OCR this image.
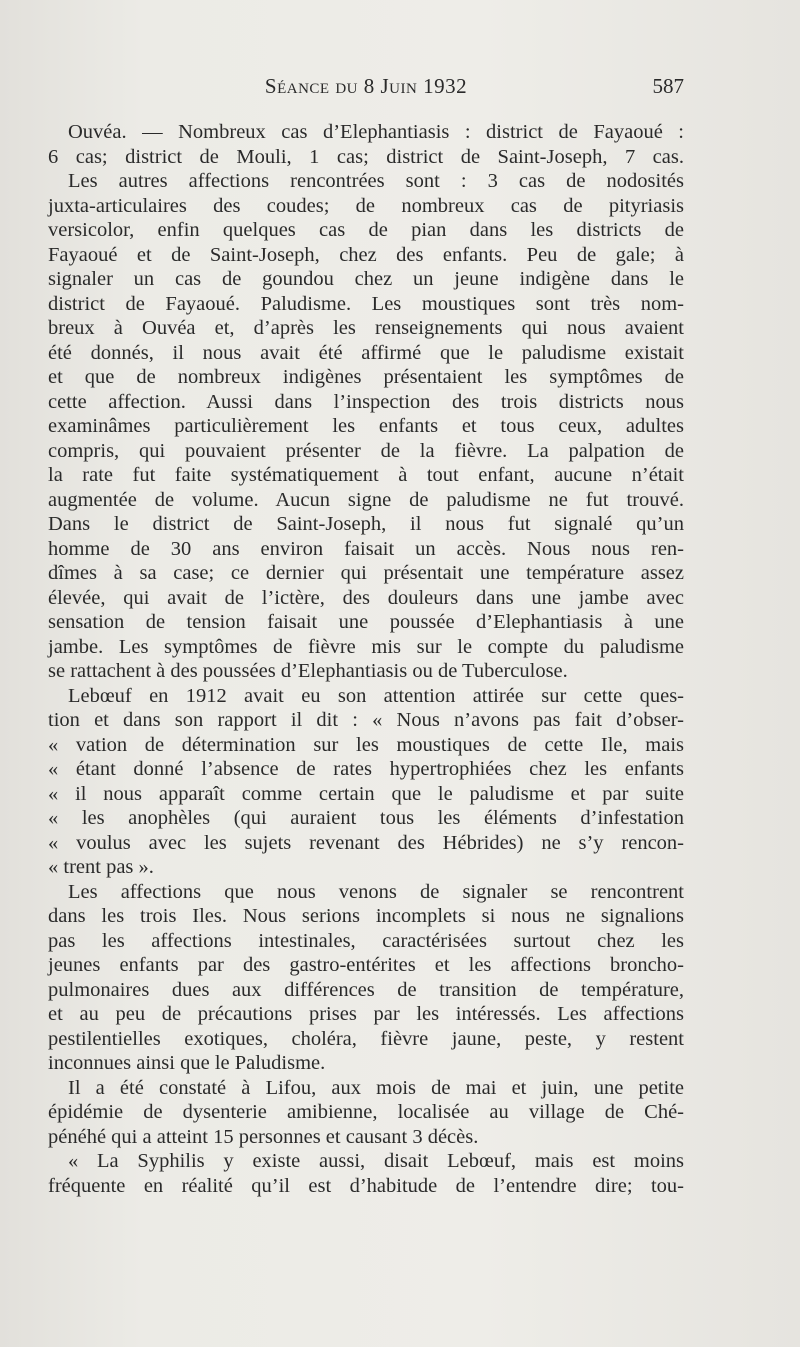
Séance du 8 Juin 1932	587
Ouvéa. — Nombreux cas d’Elephantiasis : district de Fayaoué :
6 cas; district de Mouli, 1 cas; district de Saint-Joseph, 7 cas.
Les autres affections rencontrées sont : 3 cas de nodosités
juxta-articulaires des coudes; de nombreux cas de pityriasis
versicolor, enfin quelques cas de pian dans les districts de
Fayaoué et de Saint-Joseph, chez des enfants. Peu de gale; à
signaler un cas de goundou chez un jeune indigène dans le
district de Fayaoué. Paludisme. Les moustiques sont très nom-
breux à Ouvéa et, d’après les renseignements qui nous avaient
été donnés, il nous avait été affirmé que le paludisme existait
et que de nombreux indigènes présentaient les symptômes de
cette affection. Aussi dans l’inspection des trois districts nous
examinâmes particulièrement les enfants et tous ceux, adultes
compris, qui pouvaient présenter de la fièvre. La palpation de
la rate fut faite systématiquement à tout enfant, aucune n’était
augmentée de volume. Aucun signe de paludisme ne fut trouvé.
Dans le district de Saint-Joseph, il nous fut signalé qu’un
homme de 30 ans environ faisait un accès. Nous nous ren-
dîmes à sa case; ce dernier qui présentait une température assez
élevée, qui avait de l’ictère, des douleurs dans une jambe avec
sensation de tension faisait une poussée d’Elephantiasis à une
jambe. Les symptômes de fièvre mis sur le compte du paludisme
se rattachent à des poussées d’Elephantiasis ou de Tuberculose.
Lebœuf en 1912 avait eu son attention attirée sur cette ques-
tion et dans son rapport il dit : « Nous n’avons pas fait d’obser-
« vation de détermination sur les moustiques de cette Ile, mais
« étant donné l’absence de rates hypertrophiées chez les enfants
« il nous apparaît comme certain que le paludisme et par suite
« les anophèles (qui auraient tous les éléments d’infestation
« voulus avec les sujets revenant des Hébrides) ne s’y rencon-
« trent pas ».
Les affections que nous venons de signaler se rencontrent
dans les trois Iles. Nous serions incomplets si nous ne signalions
pas les affections intestinales, caractérisées surtout chez les
jeunes enfants par des gastro-entérites et les affections broncho-
pulmonaires dues aux différences de transition de température,
et au peu de précautions prises par les intéressés. Les affections
pestilentielles exotiques, choléra, fièvre jaune, peste, y restent
inconnues ainsi que le Paludisme.
Il a été constaté à Lifou, aux mois de mai et juin, une petite
épidémie de dysenterie amibienne, localisée au village de Ché-
pénéhé qui a atteint 15 personnes et causant 3 décès.
« La Syphilis y existe aussi, disait Lebœuf, mais est moins
fréquente en réalité qu’il est d’habitude de l’entendre dire; tou-
